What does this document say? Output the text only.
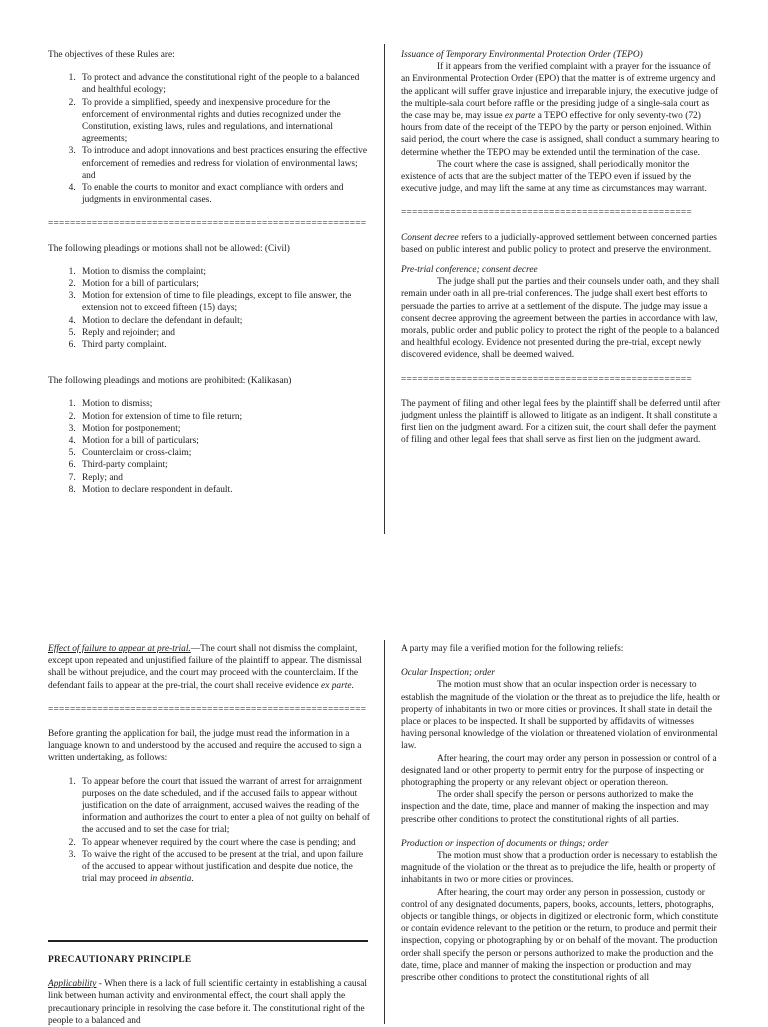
The objectives of these Rules are:

1. To protect and advance the constitutional right of the people to a balanced and healthful ecology;
2. To provide a simplified, speedy and inexpensive procedure for the enforcement of environmental rights and duties recognized under the Constitution, existing laws, rules and regulations, and international agreements;
3. To introduce and adopt innovations and best practices ensuring the effective enforcement of remedies and redress for violation of environmental laws; and
4. To enable the courts to monitor and exact compliance with orders and judgments in environmental cases.

==========================================================

The following pleadings or motions shall not be allowed: (Civil)

1. Motion to dismiss the complaint;
2. Motion for a bill of particulars;
3. Motion for extension of time to file pleadings, except to file answer, the extension not to exceed fifteen (15) days;
4. Motion to declare the defendant in default;
5. Reply and rejoinder; and
6. Third party complaint.

The following pleadings and motions are prohibited: (Kalikasan)

1. Motion to dismiss;
2. Motion for extension of time to file return;
3. Motion for postponement;
4. Motion for a bill of particulars;
5. Counterclaim or cross-claim;
6. Third-party complaint;
7. Reply; and
8. Motion to declare respondent in default.

Issuance of Temporary Environmental Protection Order (TEPO)

If it appears from the verified complaint with a prayer for the issuance of an Environmental Protection Order (EPO) that the matter is of extreme urgency and the applicant will suffer grave injustice and irreparable injury, the executive judge of the multiple-sala court before raffle or the presiding judge of a single-sala court as the case may be, may issue ex parte a TEPO effective for only seventy-two (72) hours from date of the receipt of the TEPO by the party or person enjoined. Within said period, the court where the case is assigned, shall conduct a summary hearing to determine whether the TEPO may be extended until the termination of the case.

The court where the case is assigned, shall periodically monitor the existence of acts that are the subject matter of the TEPO even if issued by the executive judge, and may lift the same at any time as circumstances may warrant.

=====================================================

Consent decree refers to a judicially-approved settlement between concerned parties based on public interest and public policy to protect and preserve the environment.

Pre-trial conference; consent decree

The judge shall put the parties and their counsels under oath, and they shall remain under oath in all pre-trial conferences. The judge shall exert best efforts to persuade the parties to arrive at a settlement of the dispute. The judge may issue a consent decree approving the agreement between the parties in accordance with law, morals, public order and public policy to protect the right of the people to a balanced and healthful ecology. Evidence not presented during the pre-trial, except newly discovered evidence, shall be deemed waived.

=====================================================

The payment of filing and other legal fees by the plaintiff shall be deferred until after judgment unless the plaintiff is allowed to litigate as an indigent. It shall constitute a first lien on the judgment award. For a citizen suit, the court shall defer the payment of filing and other legal fees that shall serve as first lien on the judgment award.

Effect of failure to appear at pre-trial.—The court shall not dismiss the complaint, except upon repeated and unjustified failure of the plaintiff to appear. The dismissal shall be without prejudice, and the court may proceed with the counterclaim. If the defendant fails to appear at the pre-trial, the court shall receive evidence ex parte.

==========================================================

Before granting the application for bail, the judge must read the information in a language known to and understood by the accused and require the accused to sign a written undertaking, as follows:

1. To appear before the court that issued the warrant of arrest for arraignment purposes on the date scheduled, and if the accused fails to appear without justification on the date of arraignment, accused waives the reading of the information and authorizes the court to enter a plea of not guilty on behalf of the accused and to set the case for trial;
2. To appear whenever required by the court where the case is pending; and
3. To waive the right of the accused to be present at the trial, and upon failure of the accused to appear without justification and despite due notice, the trial may proceed in absentia.

PRECAUTIONARY PRINCIPLE

Applicability - When there is a lack of full scientific certainty in establishing a causal link between human activity and environmental effect, the court shall apply the precautionary principle in resolving the case before it. The constitutional right of the people to a balanced and

A party may file a verified motion for the following reliefs:

Ocular Inspection; order

The motion must show that an ocular inspection order is necessary to establish the magnitude of the violation or the threat as to prejudice the life, health or property of inhabitants in two or more cities or provinces. It shall state in detail the place or places to be inspected. It shall be supported by affidavits of witnesses having personal knowledge of the violation or threatened violation of environmental law.

After hearing, the court may order any person in possession or control of a designated land or other property to permit entry for the purpose of inspecting or photographing the property or any relevant object or operation thereon.

The order shall specify the person or persons authorized to make the inspection and the date, time, place and manner of making the inspection and may prescribe other conditions to protect the constitutional rights of all parties.

Production or inspection of documents or things; order

The motion must show that a production order is necessary to establish the magnitude of the violation or the threat as to prejudice the life, health or property of inhabitants in two or more cities or provinces.

After hearing, the court may order any person in possession, custody or control of any designated documents, papers, books, accounts, letters, photographs, objects or tangible things, or objects in digitized or electronic form, which constitute or contain evidence relevant to the petition or the return, to produce and permit their inspection, copying or photographing by or on behalf of the movant. The production order shall specify the person or persons authorized to make the production and the date, time, place and manner of making the inspection or production and may prescribe other conditions to protect the constitutional rights of all
